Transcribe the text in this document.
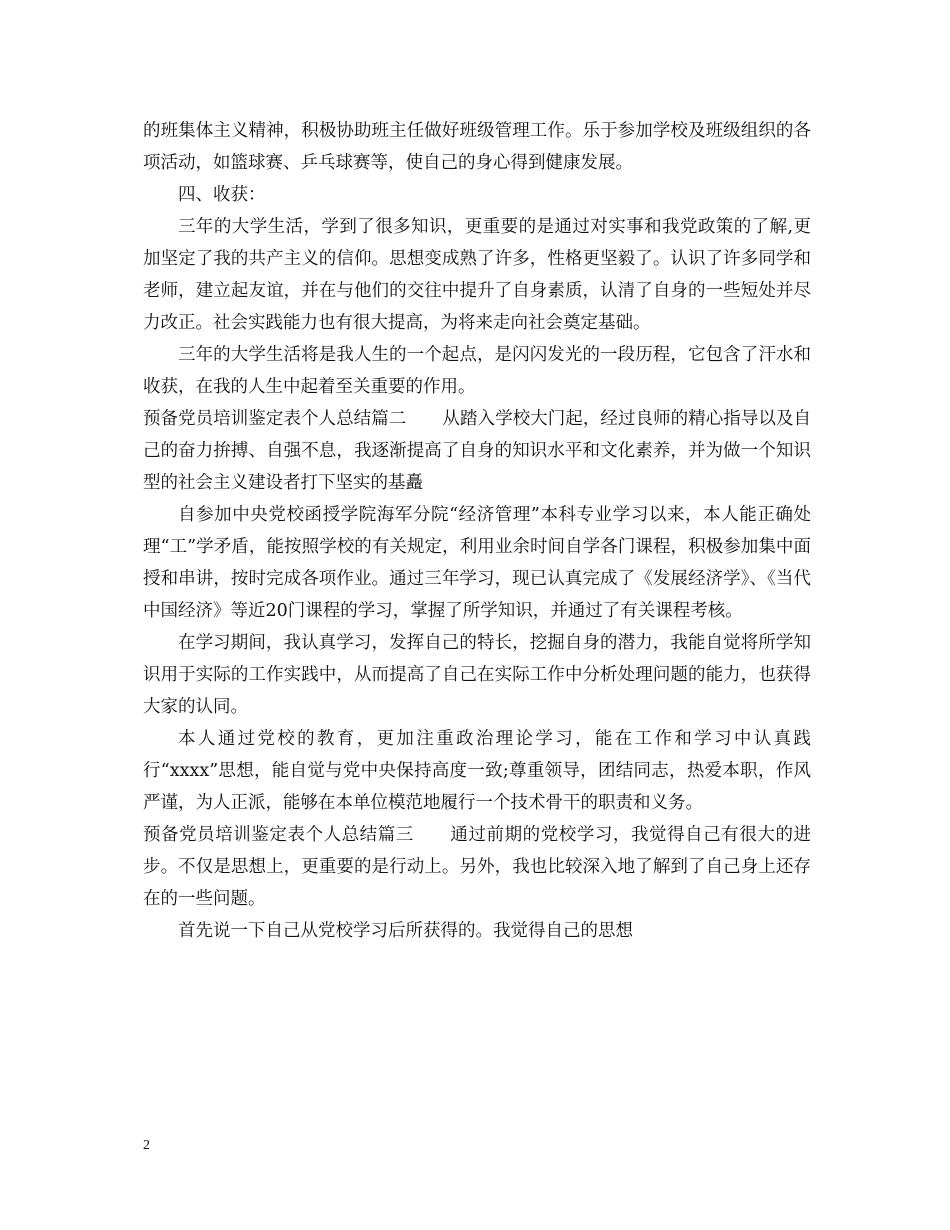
的班集体主义精神，积极协助班主任做好班级管理工作。乐于参加学校及班级组织的各项活动，如篮球赛、乒乓球赛等，使自己的身心得到健康发展。

四、收获：

三年的大学生活，学到了很多知识，更重要的是通过对实事和我党政策的了解,更加坚定了我的共产主义的信仰。思想变成熟了许多，性格更坚毅了。认识了许多同学和老师，建立起友谊，并在与他们的交往中提升了自身素质，认清了自身的一些短处并尽力改正。社会实践能力也有很大提高，为将来走向社会奠定基础。

三年的大学生活将是我人生的一个起点，是闪闪发光的一段历程，它包含了汗水和收获，在我的人生中起着至关重要的作用。

预备党员培训鉴定表个人总结篇二 从踏入学校大门起，经过良师的精心指导以及自己的奋力拚搏、自强不息，我逐渐提高了自身的知识水平和文化素养，并为做一个知识型的社会主义建设者打下坚实的基矗

自参加中央党校函授学院海军分院“经济管理”本科专业学习以来，本人能正确处理“工”学矛盾，能按照学校的有关规定，利用业余时间自学各门课程，积极参加集中面授和串讲，按时完成各项作业。通过三年学习，现已认真完成了《发展经济学》、《当代中国经济》等近20门课程的学习，掌握了所学知识，并通过了有关课程考核。

在学习期间，我认真学习，发挥自己的特长，挖掘自身的潜力，我能自觉将所学知识用于实际的工作实践中，从而提高了自己在实际工作中分析处理问题的能力，也获得大家的认同。

本人通过党校的教育，更加注重政治理论学习，能在工作和学习中认真践行“xxxx”思想，能自觉与党中央保持高度一致;尊重领导，团结同志，热爱本职，作风严谨，为人正派，能够在本单位模范地履行一个技术骨干的职责和义务。

预备党员培训鉴定表个人总结篇三 通过前期的党校学习，我觉得自己有很大的进步。不仅是思想上，更重要的是行动上。另外，我也比较深入地了解到了自己身上还存在的一些问题。

首先说一下自己从党校学习后所获得的。我觉得自己的思想

2
